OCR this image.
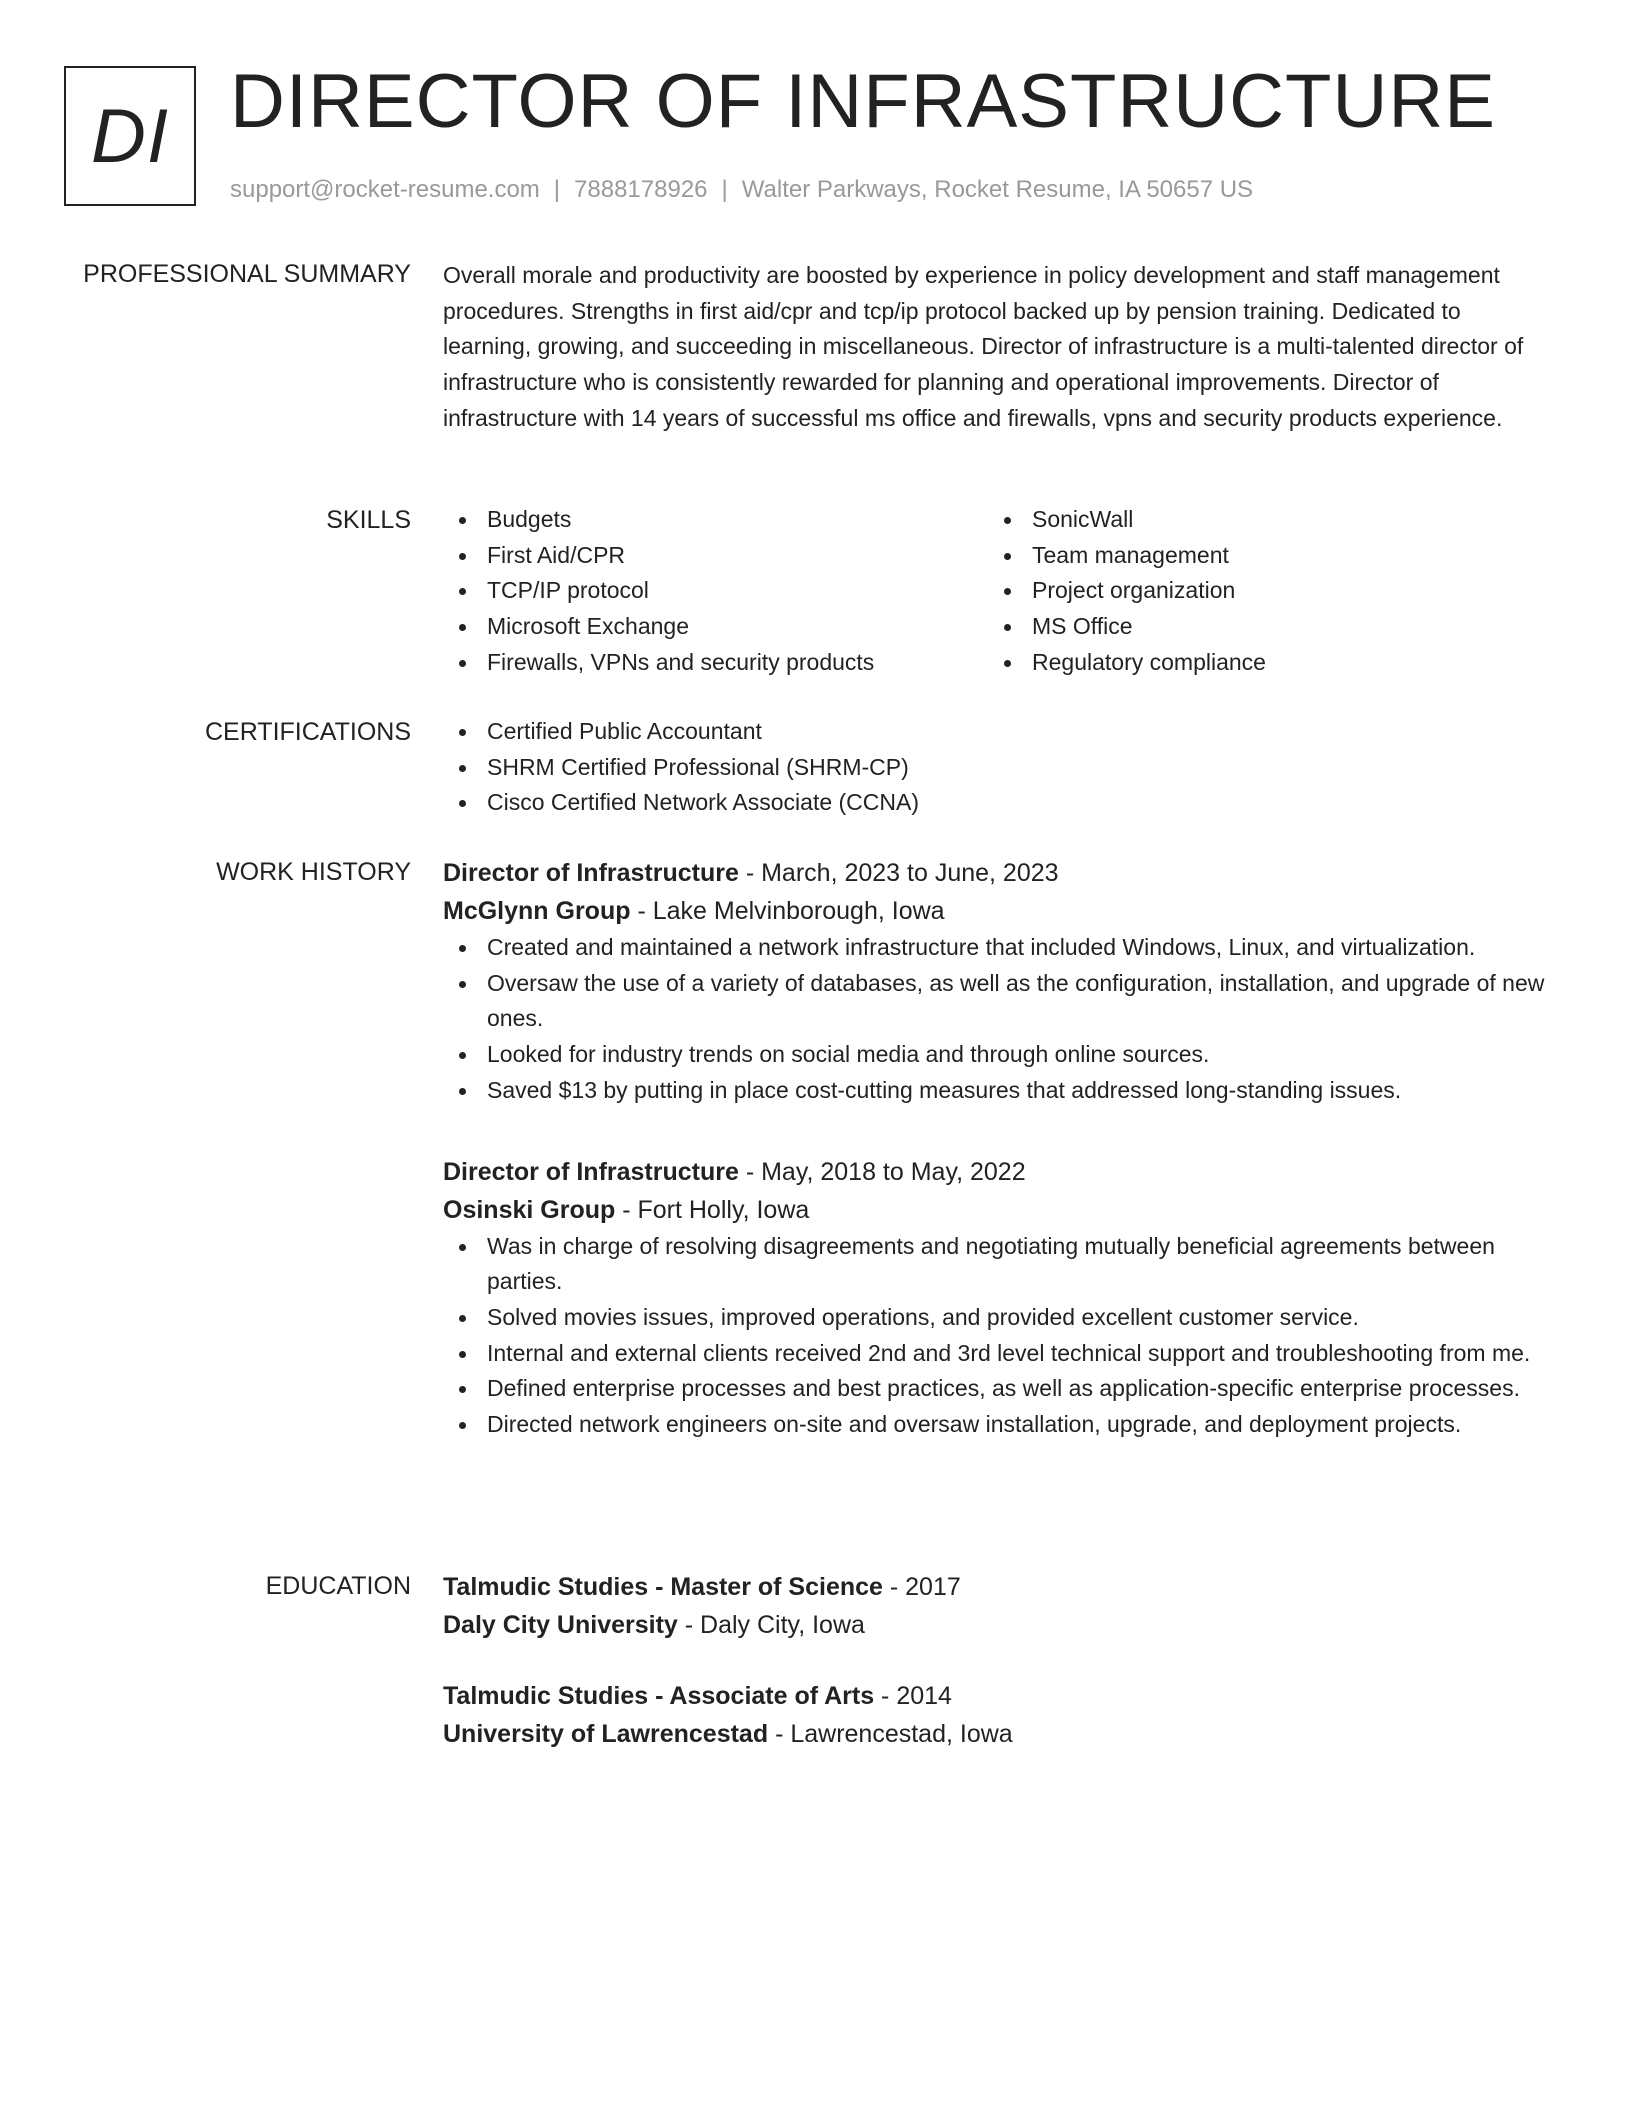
DI DIRECTOR OF INFRASTRUCTURE
support@rocket-resume.com | 7888178926 | Walter Parkways, Rocket Resume, IA 50657 US
PROFESSIONAL SUMMARY Overall morale and productivity are boosted by experience in policy development and staff management procedures. Strengths in first aid/cpr and tcp/ip protocol backed up by pension training. Dedicated to learning, growing, and succeeding in miscellaneous. Director of infrastructure is a multi-talented director of infrastructure who is consistently rewarded for planning and operational improvements. Director of infrastructure with 14 years of successful ms office and firewalls, vpns and security products experience.

SKILLS	Budgets
First Aid/CPR
TCP/IP protocol
Microsoft Exchange
Firewalls, VPNs and security products
SonicWall
Team management
Project organization
MS Office
Regulatory compliance
CERTIFICATIONS	Certified Public Accountant
SHRM Certified Professional (SHRM-CP)
Cisco Certified Network Associate (CCNA)
WORK HISTORY Director of Infrastructure - March, 2023 to June, 2023
McGlynn Group - Lake Melvinborough, Iowa
Created and maintained a network infrastructure that included Windows, Linux, and virtualization.
Oversaw the use of a variety of databases, as well as the configuration, installation, and upgrade of new ones.
Looked for industry trends on social media and through online sources.
Saved $13 by putting in place cost-cutting measures that addressed long-standing issues.
Director of Infrastructure - May, 2018 to May, 2022
Osinski Group - Fort Holly, Iowa
Was in charge of resolving disagreements and negotiating mutually beneficial agreements between parties.
Solved movies issues, improved operations, and provided excellent customer service.
Internal and external clients received 2nd and 3rd level technical support and troubleshooting from me.
Defined enterprise processes and best practices, as well as application-specific enterprise processes.
Directed network engineers on-site and oversaw installation, upgrade, and deployment projects.
EDUCATION Talmudic Studies - Master of Science - 2017
Daly City University - Daly City, Iowa
Talmudic Studies - Associate of Arts - 2014
University of Lawrencestad - Lawrencestad, Iowa
